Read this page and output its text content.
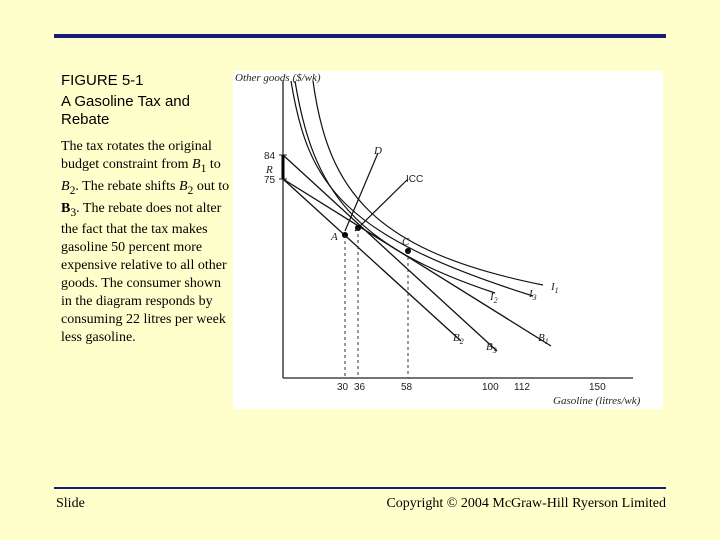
FIGURE 5-1
A Gasoline Tax and Rebate
The tax rotates the original budget constraint from $B_1$ to $B_2$. The rebate shifts $B_2$ out to $B_3$. The rebate does not alter the fact that the tax makes gasoline 50 percent more expensive relative to all other goods. The consumer shown in the diagram responds by consuming 22 litres per week less gasoline.
Other goods ($/wk)
Gasoline (litres/wk)
84
75
R
ICC
D
A	C
30 36	58	100 112	150
$B_2$ $B_3$
$B_1$
$I_1$
$I_2$
$I_3$
Slide	Copyright © 2004 McGraw-Hill Ryerson Limited
